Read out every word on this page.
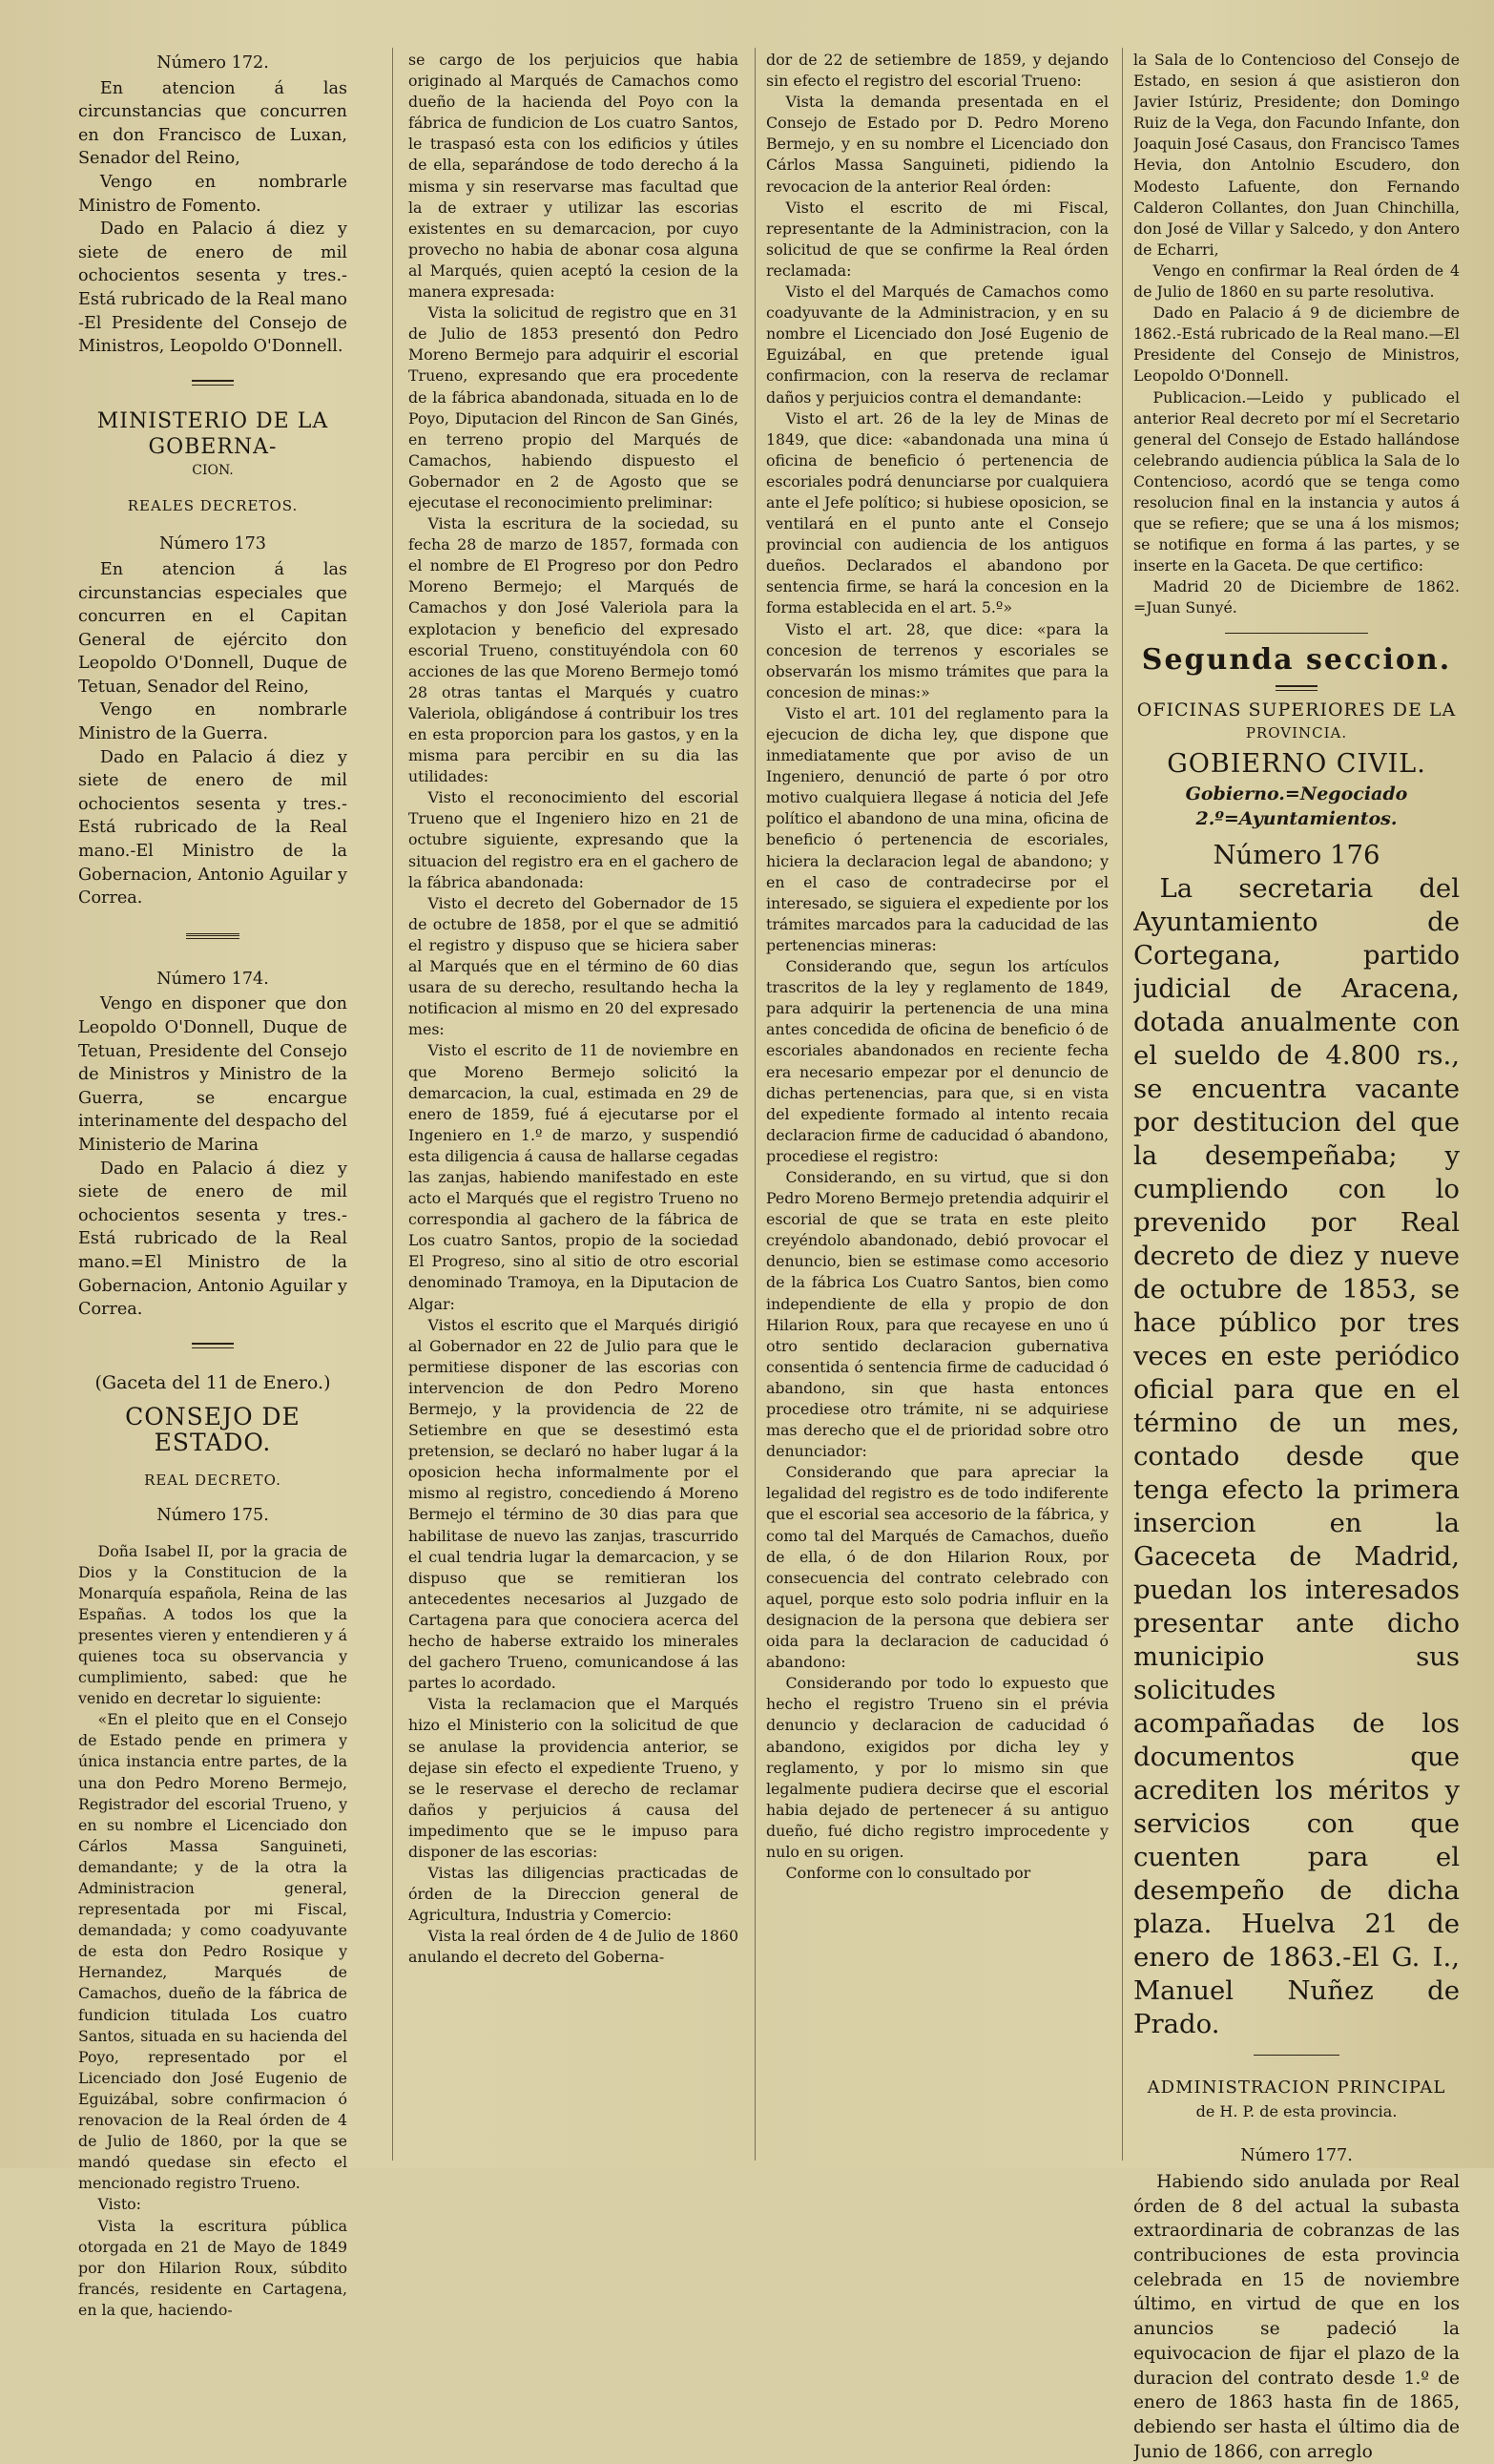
Número 172.

En atencion á las circunstancias que concurren en don Francisco de Luxan, Senador del Reino,

Vengo en nombrarle Ministro de Fomento.

Dado en Palacio á diez y siete de enero de mil ochocientos sesenta y tres.-Está rubricado de la Real mano -El Presidente del Consejo de Ministros, Leopoldo O'Donnell.

MINISTERIO DE LA GOBERNA-

CION.

REALES DECRETOS.

Número 173

En atencion á las circunstancias especiales que concurren en el Capitan General de ejército don Leopoldo O'Donnell, Duque de Tetuan, Senador del Reino,

Vengo en nombrarle Ministro de la Guerra.

Dado en Palacio á diez y siete de enero de mil ochocientos sesenta y tres.-Está rubricado de la Real mano.-El Ministro de la Gobernacion, Antonio Aguilar y Correa.

Número 174.

Vengo en disponer que don Leopoldo O'Donnell, Duque de Tetuan, Presidente del Consejo de Ministros y Ministro de la Guerra, se encargue interinamente del despacho del Ministerio de Marina

Dado en Palacio á diez y siete de enero de mil ochocientos sesenta y tres.-Está rubricado de la Real mano.=El Ministro de la Gobernacion, Antonio Aguilar y Correa.

(Gaceta del 11 de Enero.)

CONSEJO DE ESTADO.

REAL DECRETO.

Número 175.

Doña Isabel II, por la gracia de Dios y la Constitucion de la Monarquía española, Reina de las Españas. A todos los que la presentes vieren y entendieren y á quienes toca su observancia y cumplimiento, sabed: que he venido en decretar lo siguiente:

«En el pleito que en el Consejo de Estado pende en primera y única instancia entre partes, de la una don Pedro Moreno Bermejo, Registrador del escorial Trueno, y en su nombre el Licenciado don Cárlos Massa Sanguineti, demandante; y de la otra la Administracion general, representada por mi Fiscal, demandada; y como coadyuvante de esta don Pedro Rosique y Hernandez, Marqués de Camachos, dueño de la fábrica de fundicion titulada Los cuatro Santos, situada en su hacienda del Poyo, representado por el Licenciado don José Eugenio de Eguizábal, sobre confirmacion ó renovacion de la Real órden de 4 de Julio de 1860, por la que se mandó quedase sin efecto el mencionado registro Trueno.

Visto:

Vista la escritura pública otorgada en 21 de Mayo de 1849 por don Hilarion Roux, súbdito francés, residente en Cartagena, en la que, haciendo-

se cargo de los perjuicios que habia originado al Marqués de Camachos como dueño de la hacienda del Poyo con la fábrica de fundicion de Los cuatro Santos, le traspasó esta con los edificios y útiles de ella, separándose de todo derecho á la misma y sin reservarse mas facultad que la de extraer y utilizar las escorias existentes en su demarcacion, por cuyo provecho no habia de abonar cosa alguna al Marqués, quien aceptó la cesion de la manera expresada:

Vista la solicitud de registro que en 31 de Julio de 1853 presentó don Pedro Moreno Bermejo para adquirir el escorial Trueno, expresando que era procedente de la fábrica abandonada, situada en lo de Poyo, Diputacion del Rincon de San Ginés, en terreno propio del Marqués de Camachos, habiendo dispuesto el Gobernador en 2 de Agosto que se ejecutase el reconocimiento preliminar:

Vista la escritura de la sociedad, su fecha 28 de marzo de 1857, formada con el nombre de El Progreso por don Pedro Moreno Bermejo; el Marqués de Camachos y don José Valeriola para la explotacion y beneficio del expresado escorial Trueno, constituyéndola con 60 acciones de las que Moreno Bermejo tomó 28 otras tantas el Marqués y cuatro Valeriola, obligándose á contribuir los tres en esta proporcion para los gastos, y en la misma para percibir en su dia las utilidades:

Visto el reconocimiento del escorial Trueno que el Ingeniero hizo en 21 de octubre siguiente, expresando que la situacion del registro era en el gachero de la fábrica abandonada:

Visto el decreto del Gobernador de 15 de octubre de 1858, por el que se admitió el registro y dispuso que se hiciera saber al Marqués que en el término de 60 dias usara de su derecho, resultando hecha la notificacion al mismo en 20 del expresado mes:

Visto el escrito de 11 de noviembre en que Moreno Bermejo solicitó la demarcacion, la cual, estimada en 29 de enero de 1859, fué á ejecutarse por el Ingeniero en 1.º de marzo, y suspendió esta diligencia á causa de hallarse cegadas las zanjas, habiendo manifestado en este acto el Marqués que el registro Trueno no correspondia al gachero de la fábrica de Los cuatro Santos, propio de la sociedad El Progreso, sino al sitio de otro escorial denominado Tramoya, en la Diputacion de Algar:

Vistos el escrito que el Marqués dirigió al Gobernador en 22 de Julio para que le permitiese disponer de las escorias con intervencion de don Pedro Moreno Bermejo, y la providencia de 22 de Setiembre en que se desestimó esta pretension, se declaró no haber lugar á la oposicion hecha informalmente por el mismo al registro, concediendo á Moreno Bermejo el término de 30 dias para que habilitase de nuevo las zanjas, trascurrido el cual tendria lugar la demarcacion, y se dispuso que se remitieran los antecedentes necesarios al Juzgado de Cartagena para que conociera acerca del hecho de haberse extraido los minerales del gachero Trueno, comunicandose á las partes lo acordado.

Vista la reclamacion que el Marqués hizo el Ministerio con la solicitud de que se anulase la providencia anterior, se dejase sin efecto el expediente Trueno, y se le reservase el derecho de reclamar daños y perjuicios á causa del impedimento que se le impuso para disponer de las escorias:

Vistas las diligencias practicadas de órden de la Direccion general de Agricultura, Industria y Comercio:

Vista la real órden de 4 de Julio de 1860 anulando el decreto del Goberna-

dor de 22 de setiembre de 1859, y dejando sin efecto el registro del escorial Trueno:

Vista la demanda presentada en el Consejo de Estado por D. Pedro Moreno Bermejo, y en su nombre el Licenciado don Cárlos Massa Sanguineti, pidiendo la revocacion de la anterior Real órden:

Visto el escrito de mi Fiscal, representante de la Administracion, con la solicitud de que se confirme la Real órden reclamada:

Visto el del Marqués de Camachos como coadyuvante de la Administracion, y en su nombre el Licenciado don José Eugenio de Eguizábal, en que pretende igual confirmacion, con la reserva de reclamar daños y perjuicios contra el demandante:

Visto el art. 26 de la ley de Minas de 1849, que dice: «abandonada una mina ú oficina de beneficio ó pertenencia de escoriales podrá denunciarse por cualquiera ante el Jefe político; si hubiese oposicion, se ventilará en el punto ante el Consejo provincial con audiencia de los antiguos dueños. Declarados el abandono por sentencia firme, se hará la concesion en la forma establecida en el art. 5.º»

Visto el art. 28, que dice: «para la concesion de terrenos y escoriales se observarán los mismo trámites que para la concesion de minas:»

Visto el art. 101 del reglamento para la ejecucion de dicha ley, que dispone que inmediatamente que por aviso de un Ingeniero, denunció de parte ó por otro motivo cualquiera llegase á noticia del Jefe político el abandono de una mina, oficina de beneficio ó pertenencia de escoriales, hiciera la declaracion legal de abandono; y en el caso de contradecirse por el interesado, se siguiera el expediente por los trámites marcados para la caducidad de las pertenencias mineras:

Considerando que, segun los artículos trascritos de la ley y reglamento de 1849, para adquirir la pertenencia de una mina antes concedida de oficina de beneficio ó de escoriales abandonados en reciente fecha era necesario empezar por el denuncio de dichas pertenencias, para que, si en vista del expediente formado al intento recaia declaracion firme de caducidad ó abandono, procediese el registro:

Considerando, en su virtud, que si don Pedro Moreno Bermejo pretendia adquirir el escorial de que se trata en este pleito creyéndolo abandonado, debió provocar el denuncio, bien se estimase como accesorio de la fábrica Los Cuatro Santos, bien como independiente de ella y propio de don Hilarion Roux, para que recayese en uno ú otro sentido declaracion gubernativa consentida ó sentencia firme de caducidad ó abandono, sin que hasta entonces procediese otro trámite, ni se adquiriese mas derecho que el de prioridad sobre otro denunciador:

Considerando que para apreciar la legalidad del registro es de todo indiferente que el escorial sea accesorio de la fábrica, y como tal del Marqués de Camachos, dueño de ella, ó de don Hilarion Roux, por consecuencia del contrato celebrado con aquel, porque esto solo podria influir en la designacion de la persona que debiera ser oida para la declaracion de caducidad ó abandono:

Considerando por todo lo expuesto que hecho el registro Trueno sin el prévia denuncio y declaracion de caducidad ó abandono, exigidos por dicha ley y reglamento, y por lo mismo sin que legalmente pudiera decirse que el escorial habia dejado de pertenecer á su antiguo dueño, fué dicho registro improcedente y nulo en su origen.

Conforme con lo consultado por

la Sala de lo Contencioso del Consejo de Estado, en sesion á que asistieron don Javier Istúriz, Presidente; don Domingo Ruiz de la Vega, don Facundo Infante, don Joaquin José Casaus, don Francisco Tames Hevia, don Antolnio Escudero, don Modesto Lafuente, don Fernando Calderon Collantes, don Juan Chinchilla, don José de Villar y Salcedo, y don Antero de Echarri,

Vengo en confirmar la Real órden de 4 de Julio de 1860 en su parte resolutiva.

Dado en Palacio á 9 de diciembre de 1862.-Está rubricado de la Real mano.—El Presidente del Consejo de Ministros, Leopoldo O'Donnell.

Publicacion.—Leido y publicado el anterior Real decreto por mí el Secretario general del Consejo de Estado hallándose celebrando audiencia pública la Sala de lo Contencioso, acordó que se tenga como resolucion final en la instancia y autos á que se refiere; que se una á los mismos; se notifique en forma á las partes, y se inserte en la Gaceta. De que certifico:

Madrid 20 de Diciembre de 1862. =Juan Sunyé.

Segunda seccion.

OFICINAS SUPERIORES DE LA

PROVINCIA.

GOBIERNO CIVIL.

Gobierno.=Negociado 2.º=Ayuntamientos.

Número 176

La secretaria del Ayuntamiento de Cortegana, partido judicial de Aracena, dotada anualmente con el sueldo de 4.800 rs., se encuentra vacante por destitucion del que la desempeñaba; y cumpliendo con lo prevenido por Real decreto de diez y nueve de octubre de 1853, se hace público por tres veces en este periódico oficial para que en el término de un mes, contado desde que tenga efecto la primera insercion en la Gaceceta de Madrid, puedan los interesados presentar ante dicho municipio sus solicitudes acompañadas de los documentos que acrediten los méritos y servicios con que cuenten para el desempeño de dicha plaza. Huelva 21 de enero de 1863.-El G. I., Manuel Nuñez de Prado.

ADMINISTRACION PRINCIPAL

de H. P. de esta provincia.

Número 177.

Habiendo sido anulada por Real órden de 8 del actual la subasta extraordinaria de cobranzas de las contribuciones de esta provincia celebrada en 15 de noviembre último, en virtud de que en los anuncios se padeció la equivocacion de fijar el plazo de la duracion del contrato desde 1.º de enero de 1863 hasta fin de 1865, debiendo ser hasta el último dia de Junio de 1866, con arreglo
